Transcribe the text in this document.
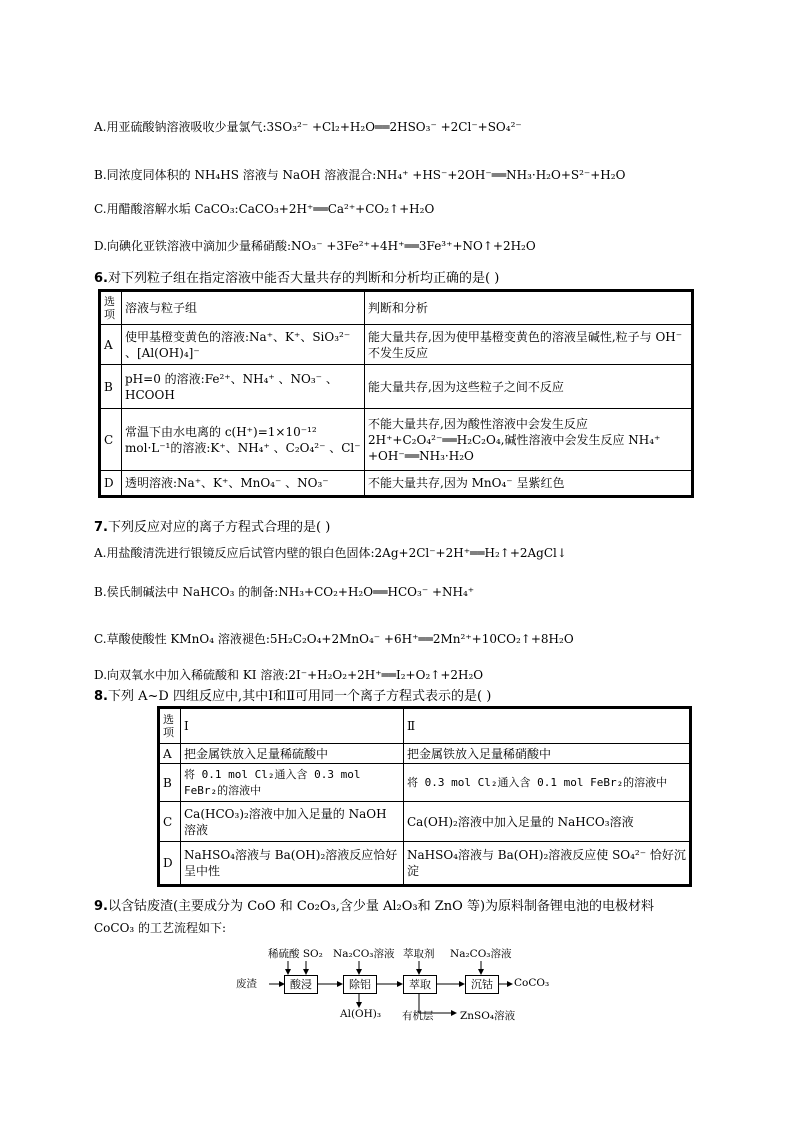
A.用亚硫酸钠溶液吸收少量氯气:3SO₃²⁻ +Cl₂+H₂O══2HSO₃⁻ +2Cl⁻+SO₄²⁻
B.同浓度同体积的 NH₄HS 溶液与 NaOH 溶液混合:NH₄⁺ +HS⁻+2OH⁻══NH₃·H₂O+S²⁻+H₂O
C.用醋酸溶解水垢 CaCO₃:CaCO₃+2H⁺══Ca²⁺+CO₂↑+H₂O
D.向碘化亚铁溶液中滴加少量稀硝酸:NO₃⁻ +3Fe²⁺+4H⁺══3Fe³⁺+NO↑+2H₂O
6.对下列粒子组在指定溶液中能否大量共存的判断和分析均正确的是( )
选项	溶液与粒子组	判断和分析
A	使甲基橙变黄色的溶液:Na⁺、K⁺、SiO₃²⁻ 、[Al(OH)₄]⁻	能大量共存,因为使甲基橙变黄色的溶液呈碱性,粒子与 OH⁻不发生反应
B	pH=0 的溶液:Fe²⁺、NH₄⁺ 、NO₃⁻ 、HCOOH	能大量共存,因为这些粒子之间不反应
C	常温下由水电离的 c(H⁺)=1×10⁻¹² mol·L⁻¹的溶液:K⁺、NH₄⁺ 、C₂O₄²⁻ 、Cl⁻	不能大量共存,因为酸性溶液中会发生反应 2H⁺+C₂O₄²⁻══H₂C₂O₄,碱性溶液中会发生反应 NH₄⁺ +OH⁻══NH₃·H₂O
D	透明溶液:Na⁺、K⁺、MnO₄⁻ 、NO₃⁻	不能大量共存,因为 MnO₄⁻ 呈紫红色
7.下列反应对应的离子方程式合理的是( )
A.用盐酸清洗进行银镜反应后试管内壁的银白色固体:2Ag+2Cl⁻+2H⁺══H₂↑+2AgCl↓
B.侯氏制碱法中 NaHCO₃ 的制备:NH₃+CO₂+H₂O══HCO₃⁻ +NH₄⁺
C.草酸使酸性 KMnO₄ 溶液褪色:5H₂C₂O₄+2MnO₄⁻ +6H⁺══2Mn²⁺+10CO₂↑+8H₂O
D.向双氧水中加入稀硫酸和 KI 溶液:2I⁻+H₂O₂+2H⁺══I₂+O₂↑+2H₂O
8.下列 A~D 四组反应中,其中Ⅰ和Ⅱ可用同一个离子方程式表示的是( )
选项	Ⅰ	Ⅱ
A	把金属铁放入足量稀硫酸中	把金属铁放入足量稀硝酸中
B	将 0.1 mol Cl₂通入含 0.3 mol FeBr₂的溶液中	将 0.3 mol Cl₂通入含 0.1 mol FeBr₂的溶液中
C	Ca(HCO₃)₂溶液中加入足量的 NaOH 溶液	Ca(OH)₂溶液中加入足量的 NaHCO₃溶液
D	NaHSO₄溶液与 Ba(OH)₂溶液反应恰好呈中性	NaHSO₄溶液与 Ba(OH)₂溶液反应使 SO₄²⁻ 恰好沉淀
9.以含钴废渣(主要成分为 CoO 和 Co₂O₃,含少量 Al₂O₃和 ZnO 等)为原料制备锂电池的电极材料
CoCO₃ 的工艺流程如下:
废渣	酸浸	除铝	萃取	沉钴	CoCO₃
稀硫酸 SO₂ Na₂CO₃溶液 萃取剂 Na₂CO₃溶液
Al(OH)₃ 有机层	ZnSO₄溶液
